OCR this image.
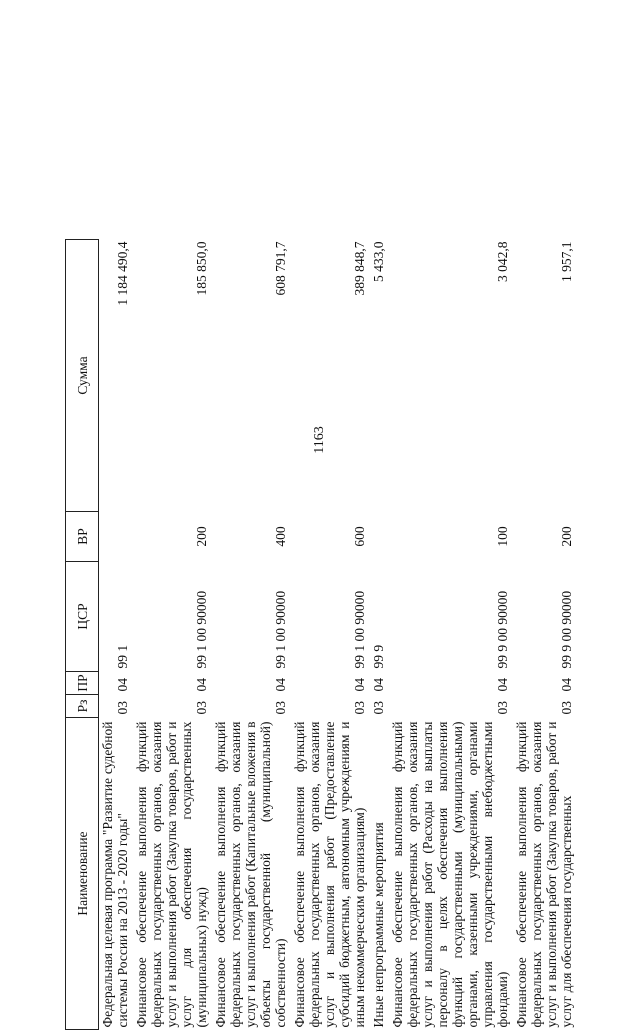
1163
Наименование	Рз	ПР	ЦСР	ВР	Сумма
Федеральная целевая программа "Развитие судебной системы России на 2013 - 2020 годы"	03	04	99 1		1 184 490,4
Финансовое обеспечение выполнения функций федеральных государственных органов, оказания услуг и выполнения работ (Закупка товаров, работ и услуг для обеспечения государственных (муниципальных) нужд)	03	04	99 1 00 90000	200	185 850,0
Финансовое обеспечение выполнения функций федеральных государственных органов, оказания услуг и выполнения работ (Капитальные вложения в объекты государственной (муниципальной) собственности)	03	04	99 1 00 90000	400	608 791,7
Финансовое обеспечение выполнения функций федеральных государственных органов, оказания услуг и выполнения работ (Предоставление субсидий бюджетным, автономным учреждениям и иным некоммерческим организациям)	03	04	99 1 00 90000	600	389 848,7
Иные непрограммные мероприятия	03	04	99 9		5 433,0
Финансовое обеспечение выполнения функций федеральных государственных органов, оказания услуг и выполнения работ (Расходы на выплаты персоналу в целях обеспечения выполнения функций государственными (муниципальными) органами, казенными учреждениями, органами управления государственными внебюджетными фондами)	03	04	99 9 00 90000	100	3 042,8
Финансовое обеспечение выполнения функций федеральных государственных органов, оказания услуг и выполнения работ (Закупка товаров, работ и услуг для обеспечения государственных	03	04	99 9 00 90000	200	1 957,1
